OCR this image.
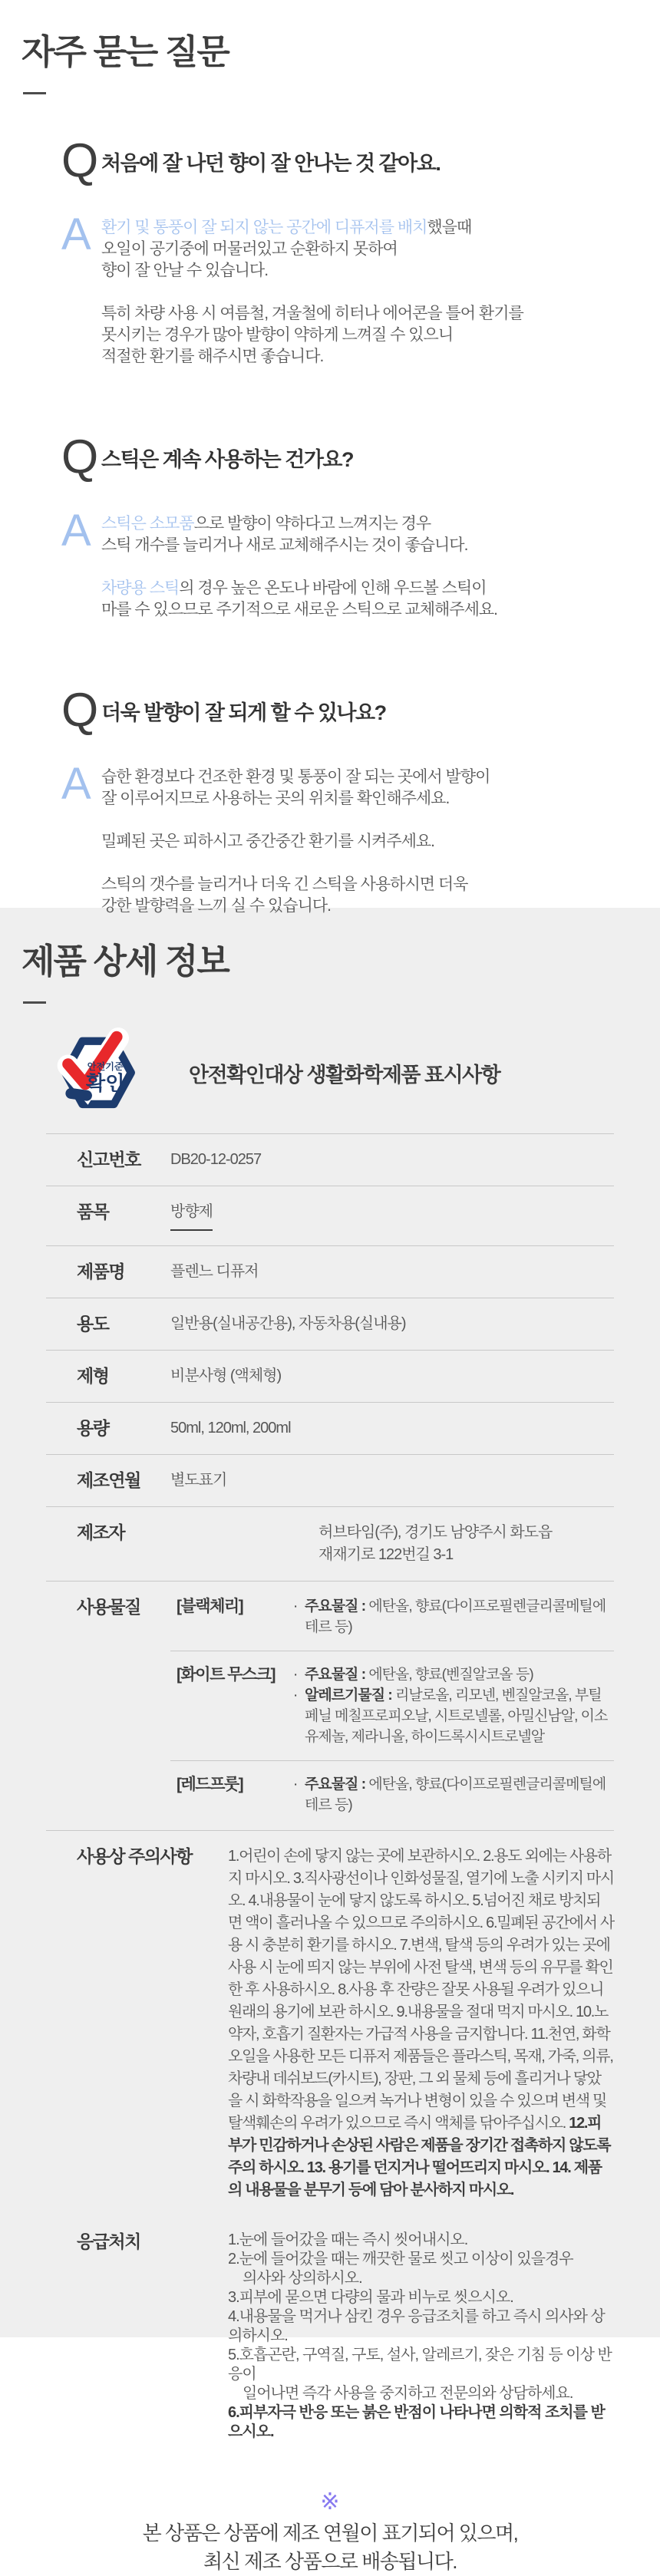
자주 묻는 질문
Q 처음에 잘 나던 향이 잘 안나는 것 같아요.
A 환기 및 통풍이 잘 되지 않는 공간에 디퓨저를 배치했을때
오일이 공기중에 머물러있고 순환하지 못하여
향이 잘 안날 수 있습니다.
특히 차량 사용 시 여름철, 겨울철에 히터나 에어콘을 틀어 환기를
못시키는 경우가 많아 발향이 약하게 느껴질 수 있으니
적절한 환기를 해주시면 좋습니다.
Q 스틱은 계속 사용하는 건가요?
A 스틱은 소모품으로 발향이 약하다고 느껴지는 경우
스틱 개수를 늘리거나 새로 교체해주시는 것이 좋습니다.
차량용 스틱의 경우 높은 온도나 바람에 인해 우드볼 스틱이
마를 수 있으므로 주기적으로 새로운 스틱으로 교체해주세요.
Q 더욱 발향이 잘 되게 할 수 있나요?
A 습한 환경보다 건조한 환경 및 통풍이 잘 되는 곳에서 발향이
잘 이루어지므로 사용하는 곳의 위치를 확인해주세요.
밀폐된 곳은 피하시고 중간중간 환기를 시켜주세요.
스틱의 갯수를 늘리거나 더욱 긴 스틱을 사용하시면 더욱
강한 발향력을 느끼 실 수 있습니다.
제품 상세 정보
안전기준
확인	안전확인대상 생활화학제품 표시사항
신고번호	DB20-12-0257
품목	방향제
제품명	플렌느 디퓨저
용도	일반용(실내공간용), 자동차용(실내용)
제형	비분사형 (액체형)
용량	50ml, 120ml, 200ml
제조연월	별도표기
제조자	허브타임(주), 경기도 남양주시 화도읍
재재기로 122번길 3-1
사용물질	[블랙체리]	· 주요물질 : 에탄올, 향료(다이프로필렌글리콜메틸에테르 등)
[화이트 무스크]	· 주요물질 : 에탄올, 향료(벤질알코올 등)
· 알레르기물질 : 리날로올, 리모넨, 벤질알코올, 부틸페닐 메칠프로피오날, 시트로넬롤, 아밀신남알, 이소유제놀, 제라니올, 하이드록시시트로넬알
[레드프룻]	· 주요물질 : 에탄올, 향료(다이프로필렌글리콜메틸에테르 등)
사용상 주의사항	1.어린이 손에 닿지 않는 곳에 보관하시오. 2.용도 외에는 사용하지 마시오. 3.직사광선이나 인화성물질, 열기에 노출 시키지 마시오. 4.내용물이 눈에 닿지 않도록 하시오. 5.넘어진 채로 방치되면 액이 흘러나올 수 있으므로 주의하시오. 6.밀폐된 공간에서 사용 시 충분히 환기를 하시오. 7.변색, 탈색 등의 우려가 있는 곳에 사용 시 눈에 띄지 않는 부위에 사전 탈색, 변색 등의 유무를 확인한 후 사용하시오. 8.사용 후 잔량은 잘못 사용될 우려가 있으니 원래의 용기에 보관 하시오. 9.내용물을 절대 먹지 마시오. 10.노약자, 호흡기 질환자는 가급적 사용을 금지합니다. 11.천연, 화학 오일을 사용한 모든 디퓨저 제품들은 플라스틱, 목재, 가죽, 의류, 차량내 데쉬보드(카시트), 장판, 그 외 물체 등에 흘리거나 닿았을 시 화학작용을 일으켜 녹거나 변형이 있을 수 있으며 변색 및 탈색훼손의 우려가 있으므로 즉시 액체를 닦아주십시오. 12.피부가 민감하거나 손상된 사람은 제품을 장기간 접촉하지 않도록 주의 하시오. 13. 용기를 던지거나 떨어뜨리지 마시오. 14. 제품의 내용물을 분무기 등에 담아 분사하지 마시오.
응급처치	1.눈에 들어갔을 때는 즉시 씻어내시오.
2.눈에 들어갔을 때는 깨끗한 물로 씻고 이상이 있을경우
의사와 상의하시오.
3.피부에 묻으면 다량의 물과 비누로 씻으시오.
4.내용물을 먹거나 삼킨 경우 응급조치를 하고 즉시 의사와 상의하시오.
5.호흡곤란, 구역질, 구토, 설사, 알레르기, 잦은 기침 등 이상 반응이
일어나면 즉각 사용을 중지하고 전문의와 상담하세요.
6.피부자극 반응 또는 붉은 반점이 나타나면 의학적 조치를 받으시오.
※
본 상품은 상품에 제조 연월이 표기되어 있으며,
최신 제조 상품으로 배송됩니다.
